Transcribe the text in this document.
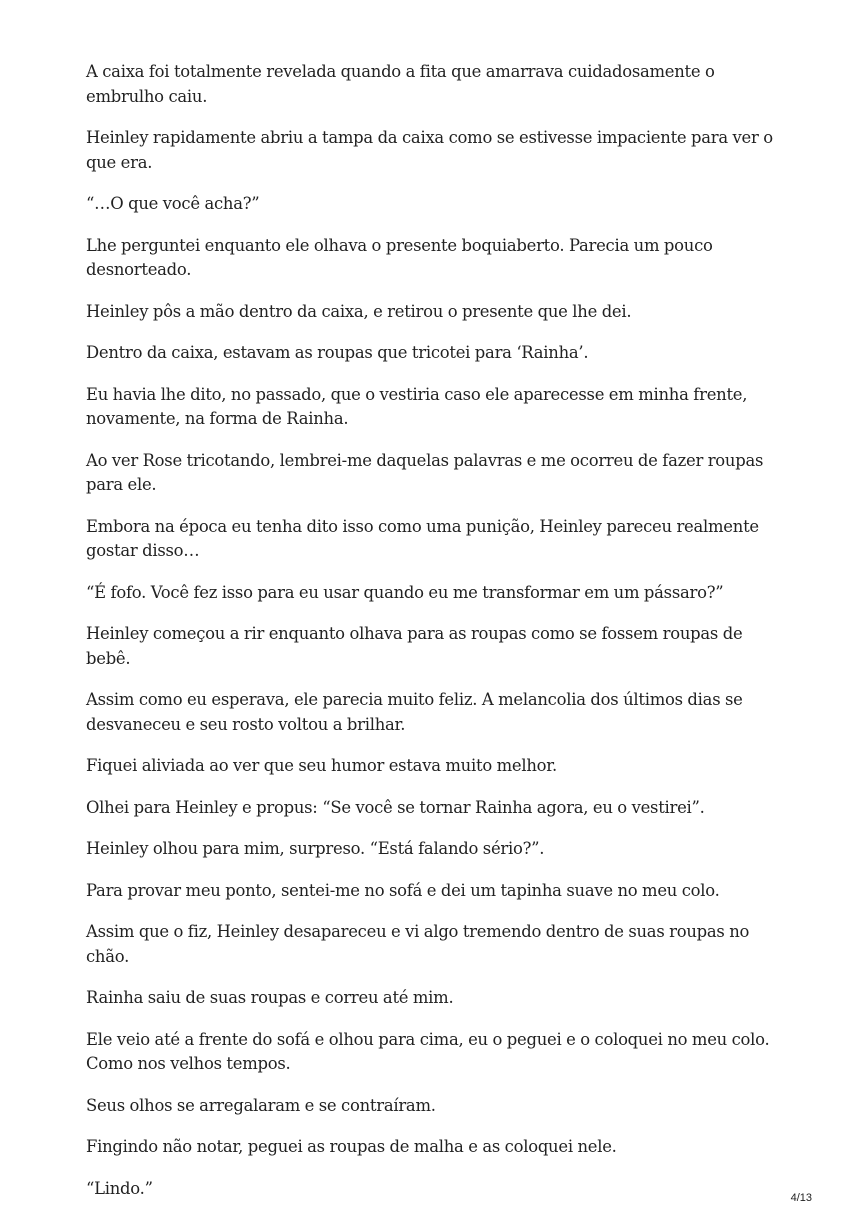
A caixa foi totalmente revelada quando a fita que amarrava cuidadosamente o embrulho caiu.

Heinley rapidamente abriu a tampa da caixa como se estivesse impaciente para ver o que era.

“…O que você acha?”

Lhe perguntei enquanto ele olhava o presente boquiaberto. Parecia um pouco desnorteado.

Heinley pôs a mão dentro da caixa, e retirou o presente que lhe dei.

Dentro da caixa, estavam as roupas que tricotei para ‘Rainha’.

Eu havia lhe dito, no passado, que o vestiria caso ele aparecesse em minha frente, novamente, na forma de Rainha.

Ao ver Rose tricotando, lembrei-me daquelas palavras e me ocorreu de fazer roupas para ele.

Embora na época eu tenha dito isso como uma punição, Heinley pareceu realmente gostar disso…

“É fofo. Você fez isso para eu usar quando eu me transformar em um pássaro?”

Heinley começou a rir enquanto olhava para as roupas como se fossem roupas de bebê.

Assim como eu esperava, ele parecia muito feliz. A melancolia dos últimos dias se desvaneceu e seu rosto voltou a brilhar.

Fiquei aliviada ao ver que seu humor estava muito melhor.

Olhei para Heinley e propus: “Se você se tornar Rainha agora, eu o vestirei”.

Heinley olhou para mim, surpreso. “Está falando sério?”.

Para provar meu ponto, sentei-me no sofá e dei um tapinha suave no meu colo.

Assim que o fiz, Heinley desapareceu e vi algo tremendo dentro de suas roupas no chão.

Rainha saiu de suas roupas e correu até mim.

Ele veio até a frente do sofá e olhou para cima, eu o peguei e o coloquei no meu colo. Como nos velhos tempos.

Seus olhos se arregalaram e se contraíram.

Fingindo não notar, peguei as roupas de malha e as coloquei nele.

“Lindo.”

4/13
